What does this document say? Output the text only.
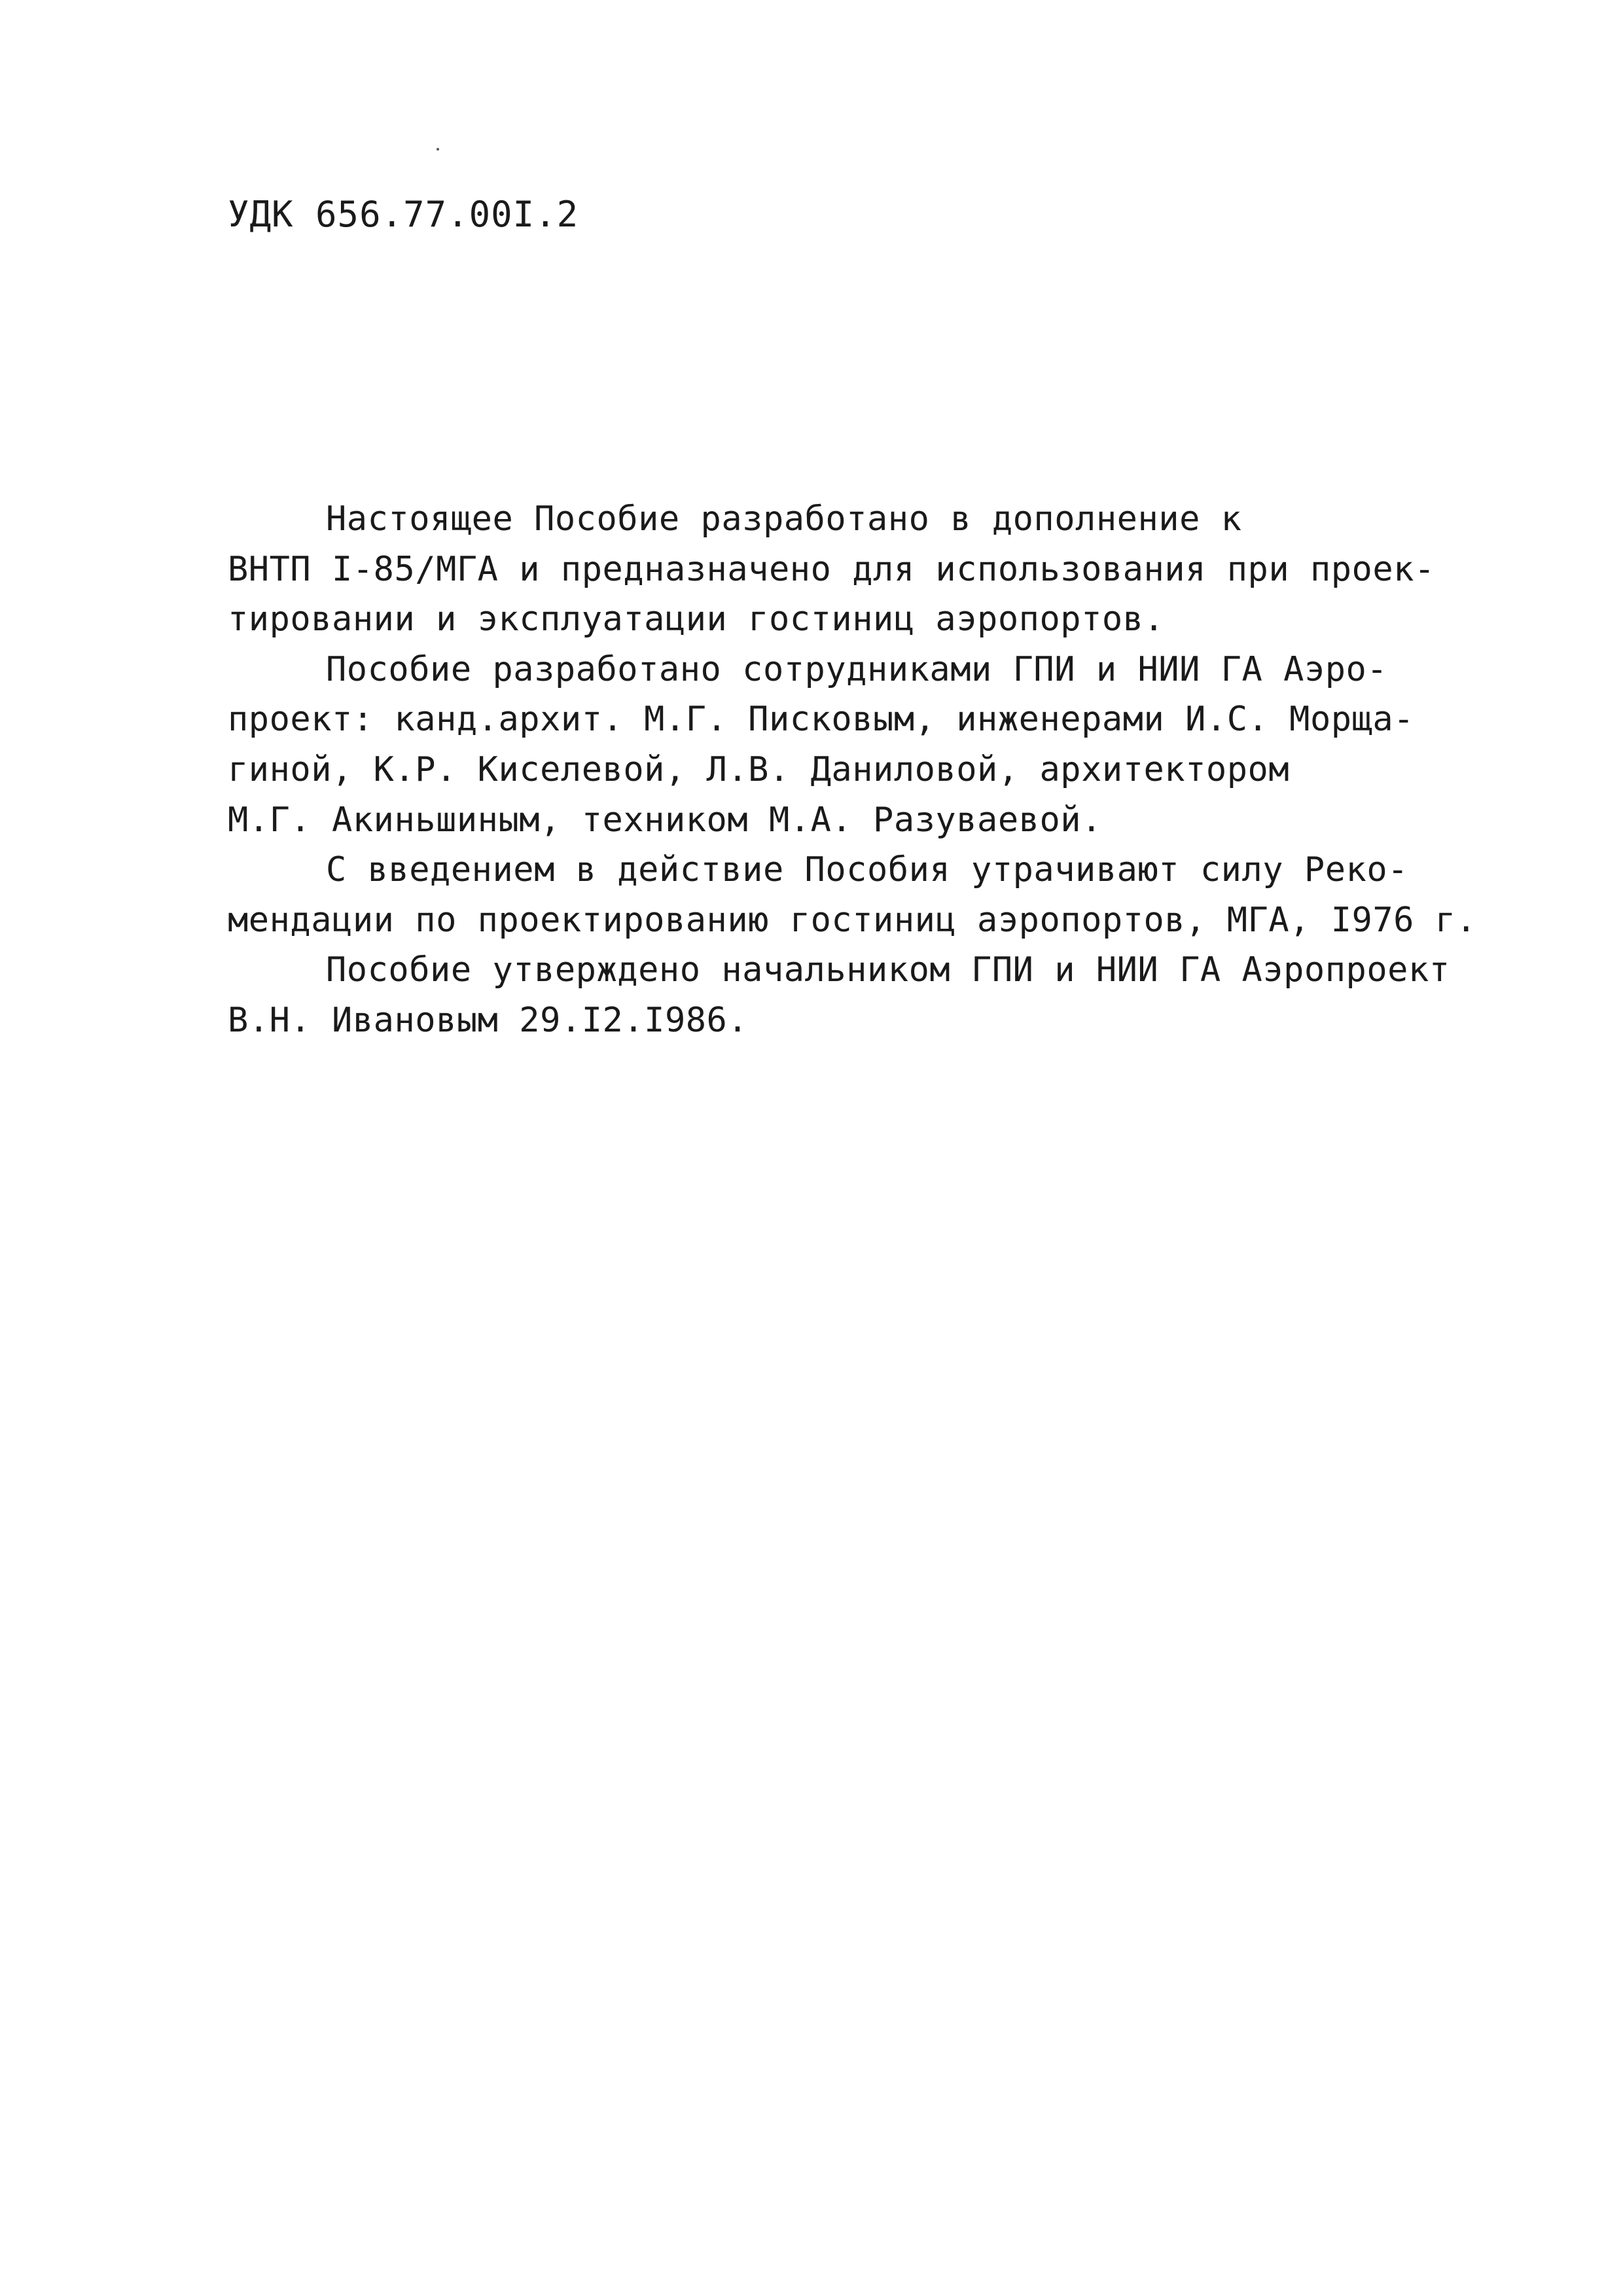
УДК 656.77.00I.2
Настоящее Пособие разработано в дополнение к
ВНТП I-85/МГА и предназначено для использования при проек-
тировании и эксплуатации гостиниц аэропортов.
Пособие разработано сотрудниками ГПИ и НИИ ГА Аэро-
проект: канд.архит. М.Г. Писковым, инженерами И.С. Морща-
гиной, К.Р. Киселевой, Л.В. Даниловой, архитектором
М.Г. Акиньшиным, техником М.А. Разуваевой.
С введением в действие Пособия утрачивают силу Реко-
мендации по проектированию гостиниц аэропортов, МГА, I976 г.
Пособие утверждено начальником ГПИ и НИИ ГА Аэропроект
В.Н. Ивановым 29.I2.I986.
